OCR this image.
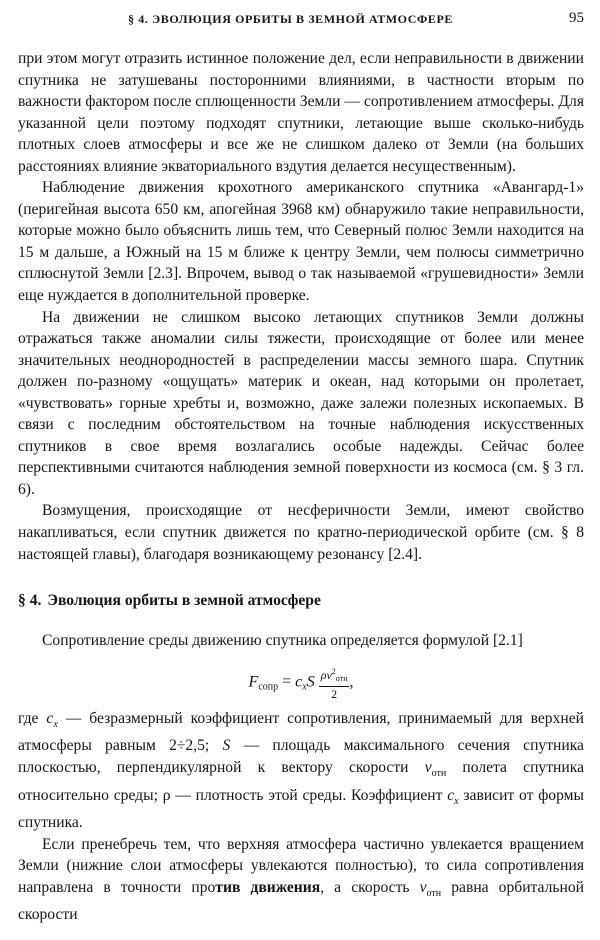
§ 4. ЭВОЛЮЦИЯ ОРБИТЫ В ЗЕМНОЙ АТМОСФЕРЕ	95

при этом могут отразить истинное положение дел, если неправильности в движении спутника не затушеваны посторонними влияниями, в частности вторым по важности фактором после сплющенности Земли — сопротивлением атмосферы. Для указанной цели поэтому подходят спутники, летающие выше сколько-нибудь плотных слоев атмосферы и все же не слишком далеко от Земли (на больших расстояниях влияние экваториального вздутия делается несущественным).

Наблюдение движения крохотного американского спутника «Авангард-1» (перигейная высота 650 км, апогейная 3968 км) обнаружило такие неправильности, которые можно было объяснить лишь тем, что Северный полюс Земли находится на 15 м дальше, а Южный на 15 м ближе к центру Земли, чем полюсы симметрично сплюснутой Земли [2.3]. Впрочем, вывод о так называемой «грушевидности» Земли еще нуждается в дополнительной проверке.

На движении не слишком высоко летающих спутников Земли должны отражаться также аномалии силы тяжести, происходящие от более или менее значительных неоднородностей в распределении массы земного шара. Спутник должен по-разному «ощущать» материк и океан, над которыми он пролетает, «чувствовать» горные хребты и, возможно, даже залежи полезных ископаемых. В связи с последним обстоятельством на точные наблюдения искусственных спутников в свое время возлагались особые надежды. Сейчас более перспективными считаются наблюдения земной поверхности из космоса (см. § 3 гл. 6).

Возмущения, происходящие от несферичности Земли, имеют свойство накапливаться, если спутник движется по кратно-периодической орбите (см. § 8 настоящей главы), благодаря возникающему резонансу [2.4].

§ 4. Эволюция орбиты в земной атмосфере

Сопротивление среды движению спутника определяется формулой [2.1]

$F_{сопр} = c_xS \frac{\rho v^2отн}{2}$ ,

где $c_x$ — безразмерный коэффициент сопротивления, принимаемый для верхней атмосферы равным 2÷2,5; S — площадь максимального сечения спутника плоскостью, перпендикулярной к вектору скорости $v_{отн}$ полета спутника относительно среды; ρ — плотность этой среды. Коэффициент $c_x$ зависит от формы спутника.

Если пренебречь тем, что верхняя атмосфера частично увлекается вращением Земли (нижние слои атмосферы увлекаются полностью), то сила сопротивления направлена в точности против движения, а скорость $v_{отн}$ равна орбитальной скорости
